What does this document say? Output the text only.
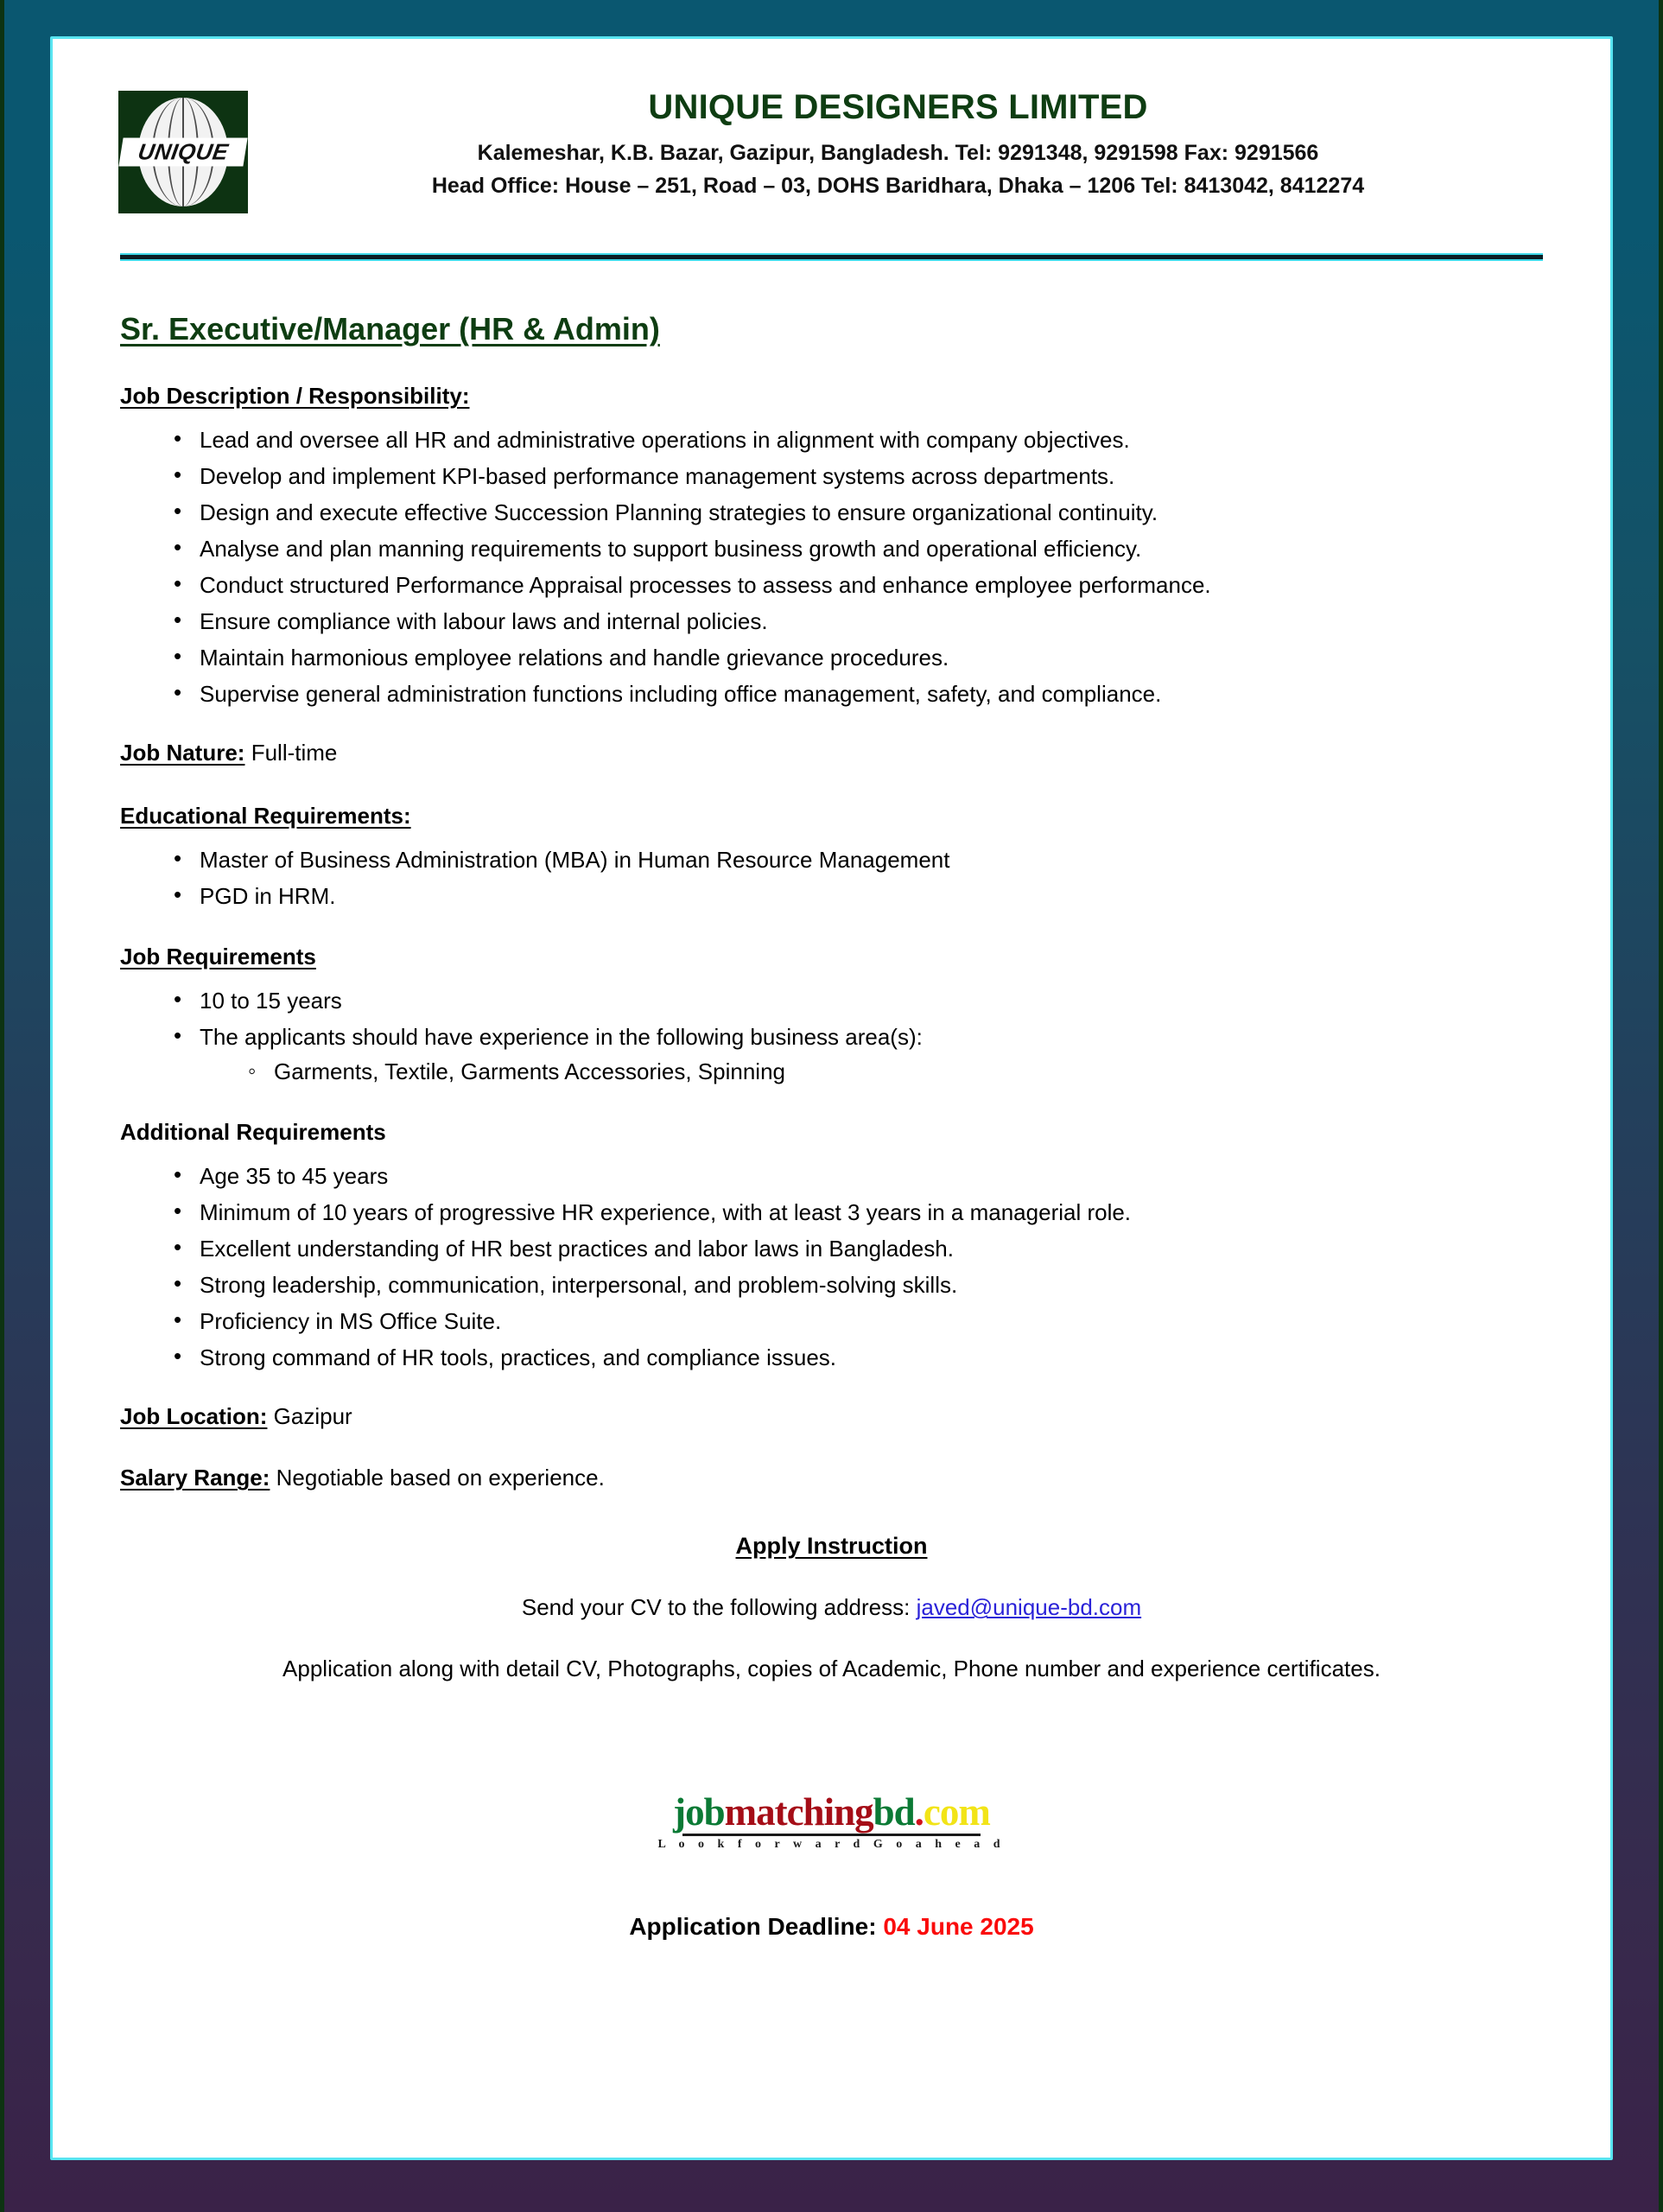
UNIQUE
UNIQUE DESIGNERS LIMITED
Kalemeshar, K.B. Bazar, Gazipur, Bangladesh. Tel: 9291348, 9291598 Fax: 9291566
Head Office: House – 251, Road – 03, DOHS Baridhara, Dhaka – 1206 Tel: 8413042, 8412274
Sr. Executive/Manager (HR & Admin)
Job Description / Responsibility:
• Lead and oversee all HR and administrative operations in alignment with company objectives.
• Develop and implement KPI-based performance management systems across departments.
• Design and execute effective Succession Planning strategies to ensure organizational continuity.
• Analyse and plan manning requirements to support business growth and operational efficiency.
• Conduct structured Performance Appraisal processes to assess and enhance employee performance.
• Ensure compliance with labour laws and internal policies.
• Maintain harmonious employee relations and handle grievance procedures.
• Supervise general administration functions including office management, safety, and compliance.

Job Nature: Full-time

Educational Requirements:
• Master of Business Administration (MBA) in Human Resource Management
• PGD in HRM.
Job Requirements
• 10 to 15 years
• The applicants should have experience in the following business area(s):
◦ Garments, Textile, Garments Accessories, Spinning
Additional Requirements
• Age 35 to 45 years
• Minimum of 10 years of progressive HR experience, with at least 3 years in a managerial role.
• Excellent understanding of HR best practices and labor laws in Bangladesh.
• Strong leadership, communication, interpersonal, and problem-solving skills.
• Proficiency in MS Office Suite.
• Strong command of HR tools, practices, and compliance issues.

Job Location: Gazipur

Salary Range: Negotiable based on experience.

Apply Instruction

Send your CV to the following address: javed@unique-bd.com

Application along with detail CV, Photographs, copies of Academic, Phone number and experience certificates.

jobmatchingbd.com
L o o k f o r w a r d G o a h e a d

Application Deadline: 04 June 2025
